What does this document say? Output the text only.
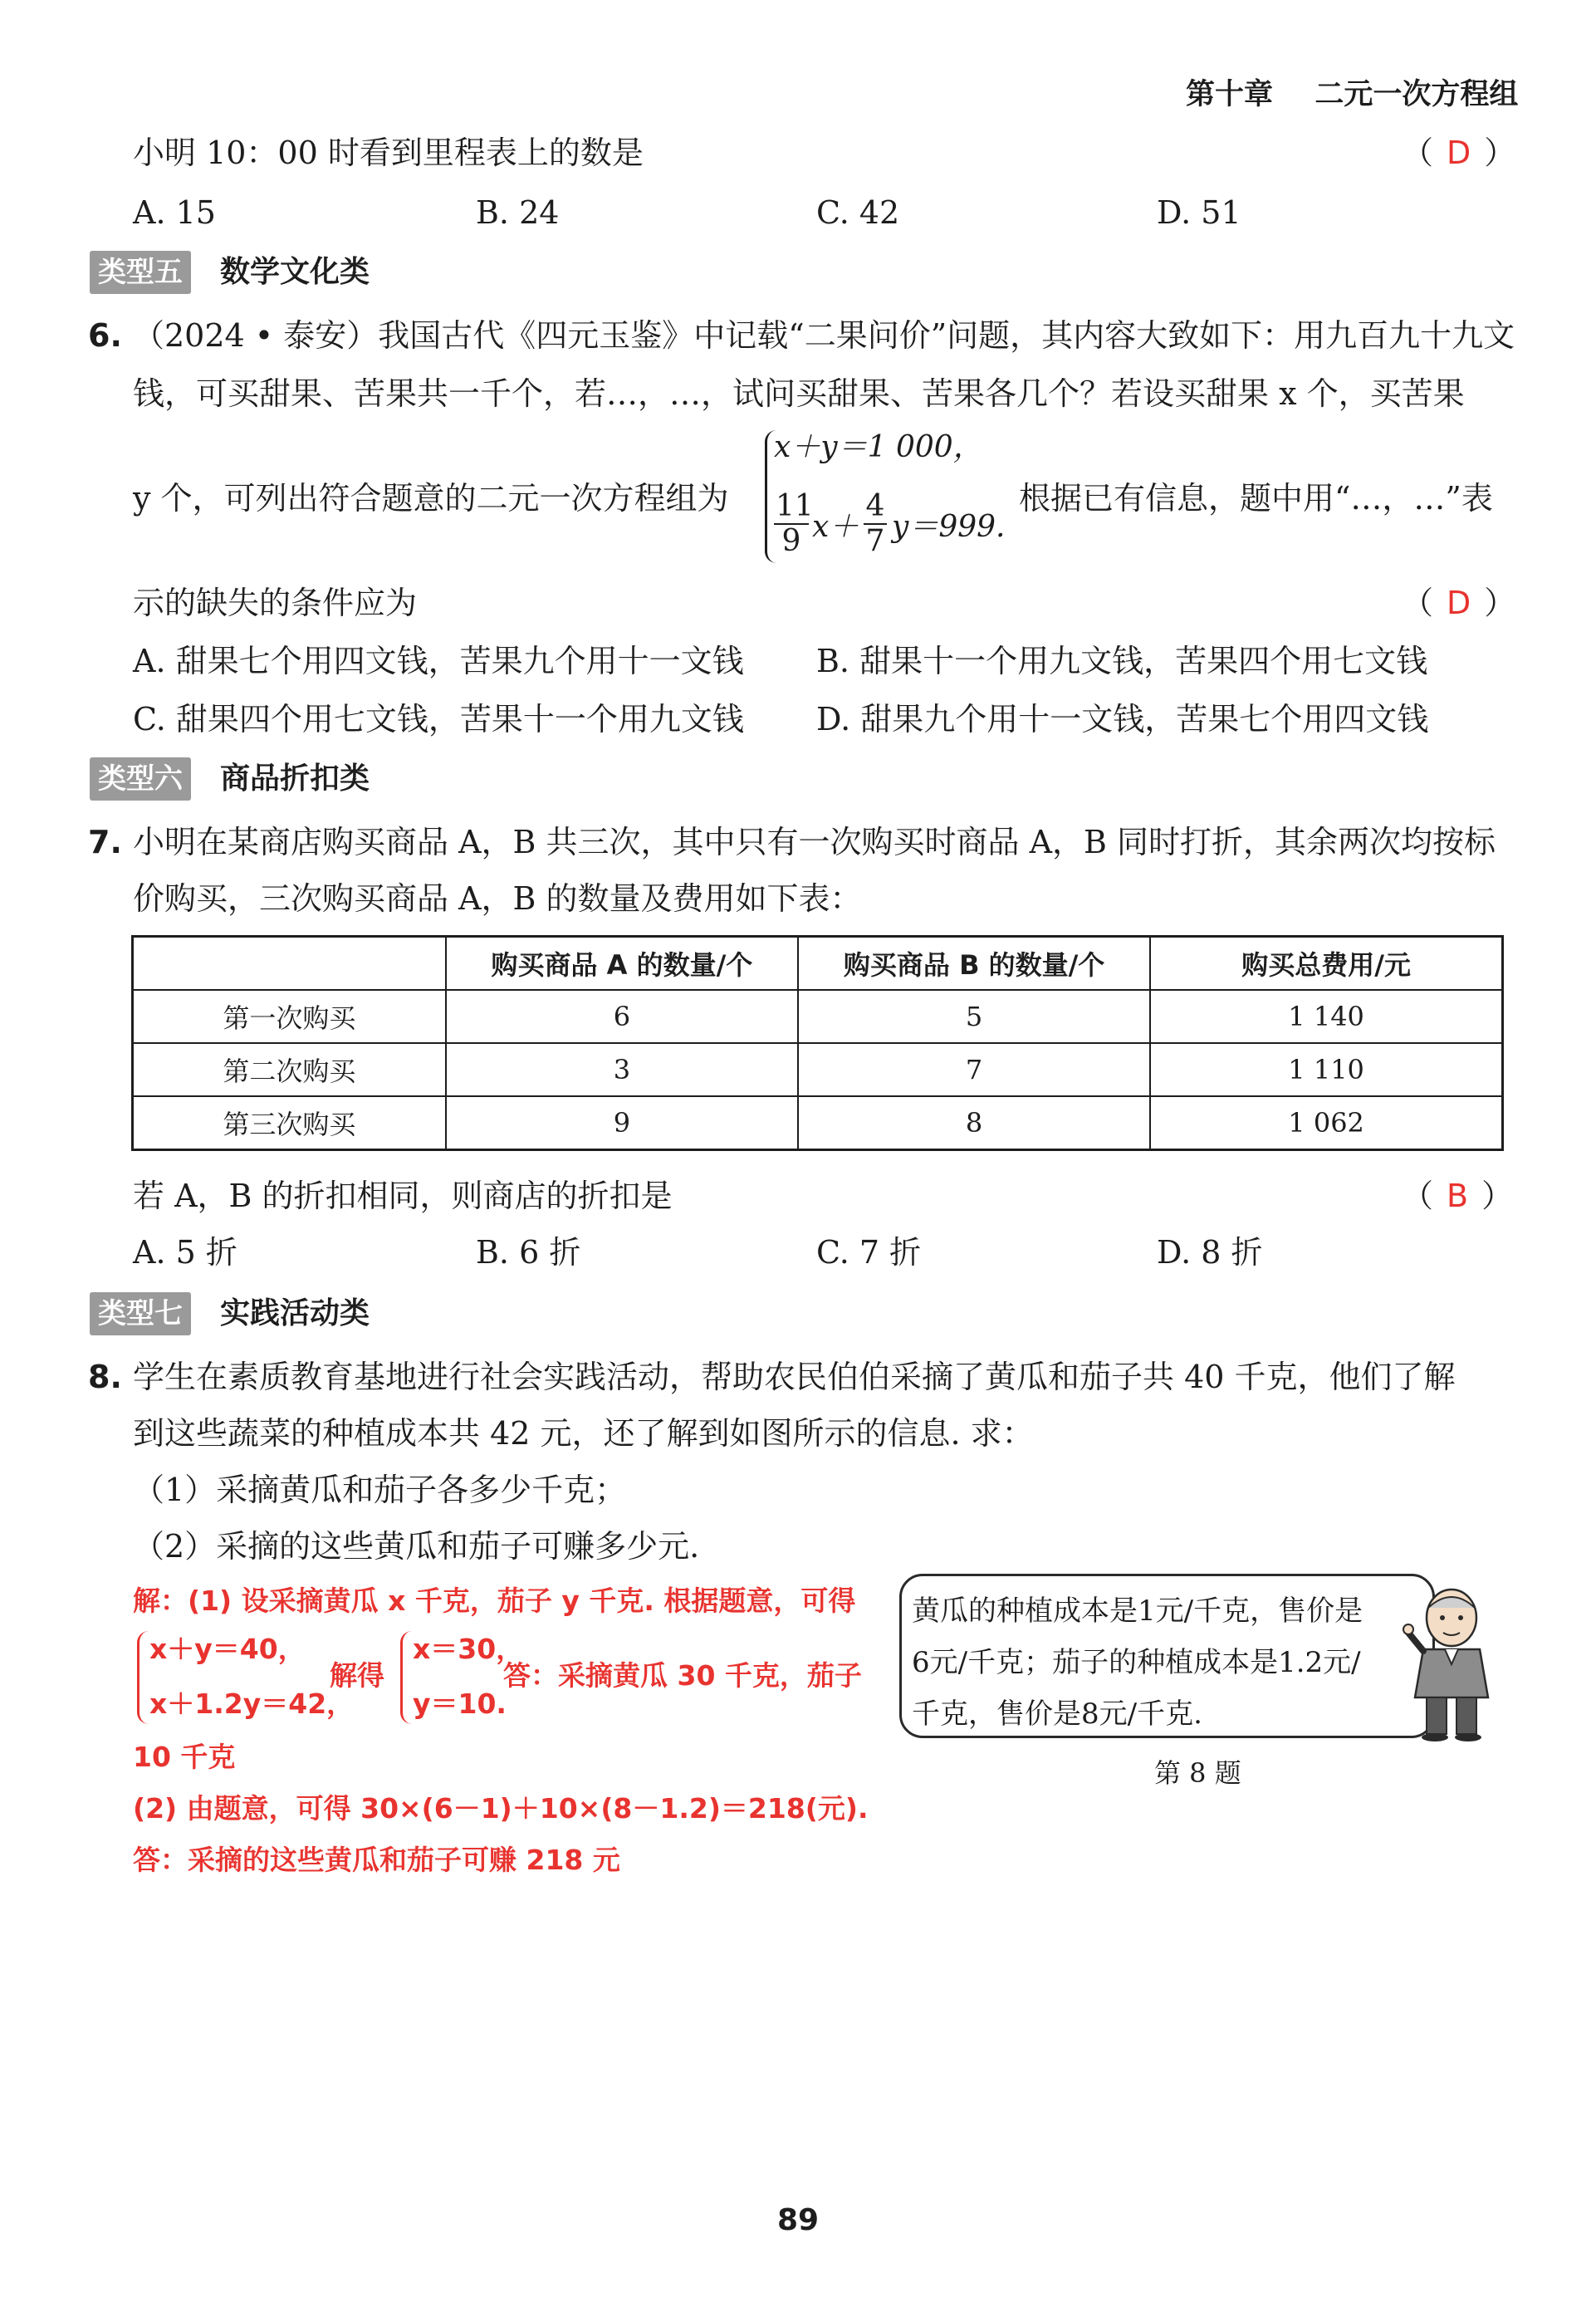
第十章 二元一次方程组
小明 10：00 时看到里程表上的数是	（ D ）
A. 15	B. 24	C. 42	D. 51
类型五 数学文化类
6. （2024 • 泰安）我国古代《四元玉鉴》中记载“二果问价”问题，其内容大致如下：用九百九十九文
钱，可买甜果、苦果共一千个，若…，…，试问买甜果、苦果各几个？若设买甜果 x 个，买苦果
y 个，可列出符合题意的二元一次方程组为
x＋y＝1 000，
$\frac{11}{9} x+ \frac{4}{7} y=999$.
根据已有信息，题中用“…，…”表
示的缺失的条件应为	（ D ）
A. 甜果七个用四文钱，苦果九个用十一文钱 B. 甜果十一个用九文钱，苦果四个用七文钱
C. 甜果四个用七文钱，苦果十一个用九文钱 D. 甜果九个用十一文钱，苦果七个用四文钱
类型六 商品折扣类
7. 小明在某商店购买商品 A，B 共三次，其中只有一次购买时商品 A，B 同时打折，其余两次均按标
价购买，三次购买商品 A，B 的数量及费用如下表：
	购买商品 A 的数量/个	购买商品 B 的数量/个	购买总费用/元
第一次购买	6	5	1 140
第二次购买	3	7	1 110
第三次购买	9	8	1 062
若 A，B 的折扣相同，则商店的折扣是	（ B ）
A. 5 折	B. 6 折	C. 7 折	D. 8 折
类型七 实践活动类
8. 学生在素质教育基地进行社会实践活动，帮助农民伯伯采摘了黄瓜和茄子共 40 千克，他们了解
到这些蔬菜的种植成本共 42 元，还了解到如图所示的信息. 求：
（1）采摘黄瓜和茄子各多少千克；
（2）采摘的这些黄瓜和茄子可赚多少元.
解：(1) 设采摘黄瓜 x 千克，茄子 y 千克. 根据题意，可得
x＋y＝40，
x＋1.2y＝42，
解得
x＝30，
y＝10.
答：采摘黄瓜 30 千克，茄子
10 千克
(2) 由题意，可得 30×(6－1)＋10×(8－1.2)＝218(元).
答：采摘的这些黄瓜和茄子可赚 218 元
黄瓜的种植成本是1元/千克，售价是
6元/千克；茄子的种植成本是1.2元/
千克，售价是8元/千克.
第 8 题
89
